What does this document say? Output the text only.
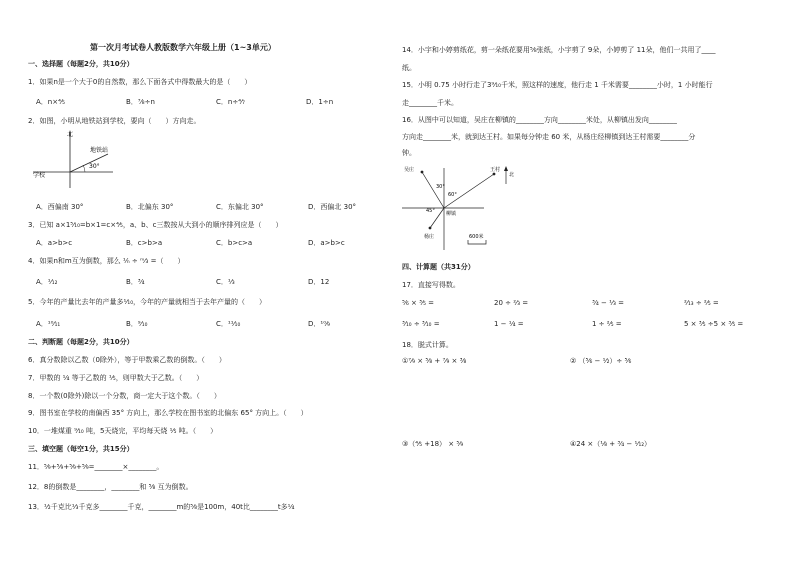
第一次月考试卷人教版数学六年级上册（1~3单元）
一、选择题（每题2分，共10分）
1．如果n是一个大于0的自然数，那么下面各式中得数最大的是（　　）
A．n×⁴⁄₅	B．⁷⁄₈÷n	C．n÷⁴⁄₇	D．1÷n
2．如图，小明从地铁站到学校，要向（　　）方向走。
北
地铁站
30°
学校
A．西偏南 30°	B．北偏东 30°	C．东偏北 30°	D．西偏北 30°
3．已知 a×1⁵⁄₁₀=b×1=c×⁴⁄₅，a、b、c三数按从大到小的顺序排列应是（　　）
A．a>b>c	B．c>b>a	C．b>c>a	D．a>b>c
4．如果n和m互为倒数，那么 ¹⁄ₙ ÷ ᵐ⁄₃ =（　　）
A．¹⁄₁₂	B．³⁄₄	C．¹⁄₃	D．12
5．今年的产量比去年的产量多¹⁄₁₀，今年的产量就相当于去年产量的（　　）
A．¹⁰⁄₁₁	B．⁹⁄₁₀	C．¹¹⁄₁₀	D．¹⁰⁄₉
二、判断题（每题2分，共10分）
6．真分数除以乙数（0除外），等于甲数乘乙数的倒数。（　　）
7．甲数的 ¹⁄₄ 等于乙数的 ¹⁄₅，则甲数大于乙数。（　　）
8．一个数(0除外)除以一个分数，商一定大于这个数。（　　）
9．图书室在学校的南偏西 35° 方向上，那么学校在图书室的北偏东 65° 方向上。（　　）
10．一堆煤重 ⁹⁄₁₀ 吨，5天烧完，平均每天烧 ¹⁄₅ 吨。（　　）
三、填空题（每空1分，共15分）
11．⁵⁄₉+⁵⁄₉+⁵⁄₉+⁵⁄₉=________×________。
12．8的倒数是________，________和 ⁵⁄₈ 互为倒数。
13．¹⁄₂千克比¹⁄₃千克多________千克，________m的⁵⁄₈是100m，40t比________t多¹⁄₄
14．小宇和小婷剪纸花，剪一朵纸花要用⁵⁄₈张纸，小宇剪了 9朵，小婷剪了 11朵，他们一共用了____
纸。
15．小明 0.75 小时行走了3⁹⁄₁₀千米，照这样的速度，他行走 1 千米需要________小时，1 小时能行
走________千米。
16．从图中可以知道，吴庄在柳镇的________方向________米处，从柳镇出发向________
方向走________米，就到达王村。如果每分钟走 60 米，从杨庄经柳镇到达王村需要________分
钟。
吴庄	王村
柳镇
杨庄
30°
60°
45°
北
600米
四、计算题（共31分）
17．直接写得数。
⁵⁄₆ × ³⁄₅ =	20 ÷ ²⁄₃ =	³⁄₄ − ¹⁄₃ =	²⁄₁₃ ÷ ²⁄₅ =
³⁄₁₀ ÷ ³⁄₁₀ =	1 − ¹⁄₄ =	1 ÷ ²⁄₅ =	5 × ³⁄₅ ÷5 × ³⁄₅ =
18．脱式计算。
①⁷⁄₉ × ⁵⁄₈ + ⁷⁄₉ × ³⁄₈	② （⁵⁄₆ − ¹⁄₂）÷ ⁵⁄₆
③（⁴⁄₅ +18） × ⁵⁄₉	④24 ×（¹⁄₈ + ³⁄₄ − ¹⁄₁₂）
